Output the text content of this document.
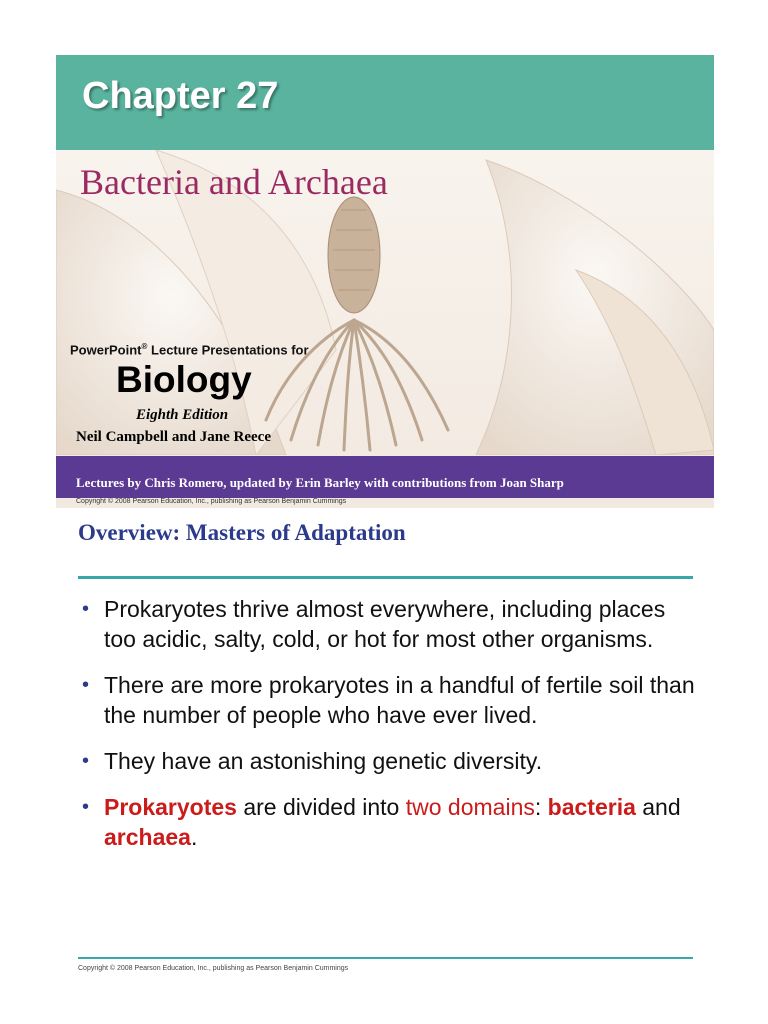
Chapter 27
Bacteria and Archaea
PowerPoint® Lecture Presentations for
Biology
Eighth Edition
Neil Campbell and Jane Reece
Lectures by Chris Romero, updated by Erin Barley with contributions from Joan Sharp
Copyright © 2008 Pearson Education, Inc., publishing as Pearson Benjamin Cummings
Overview: Masters of Adaptation
• Prokaryotes thrive almost everywhere, including places too acidic, salty, cold, or hot for most other organisms.
• There are more prokaryotes in a handful of fertile soil than the number of people who have ever lived.
• They have an astonishing genetic diversity.
• Prokaryotes are divided into two domains: bacteria and archaea.
Copyright © 2008 Pearson Education, Inc., publishing as Pearson Benjamin Cummings
